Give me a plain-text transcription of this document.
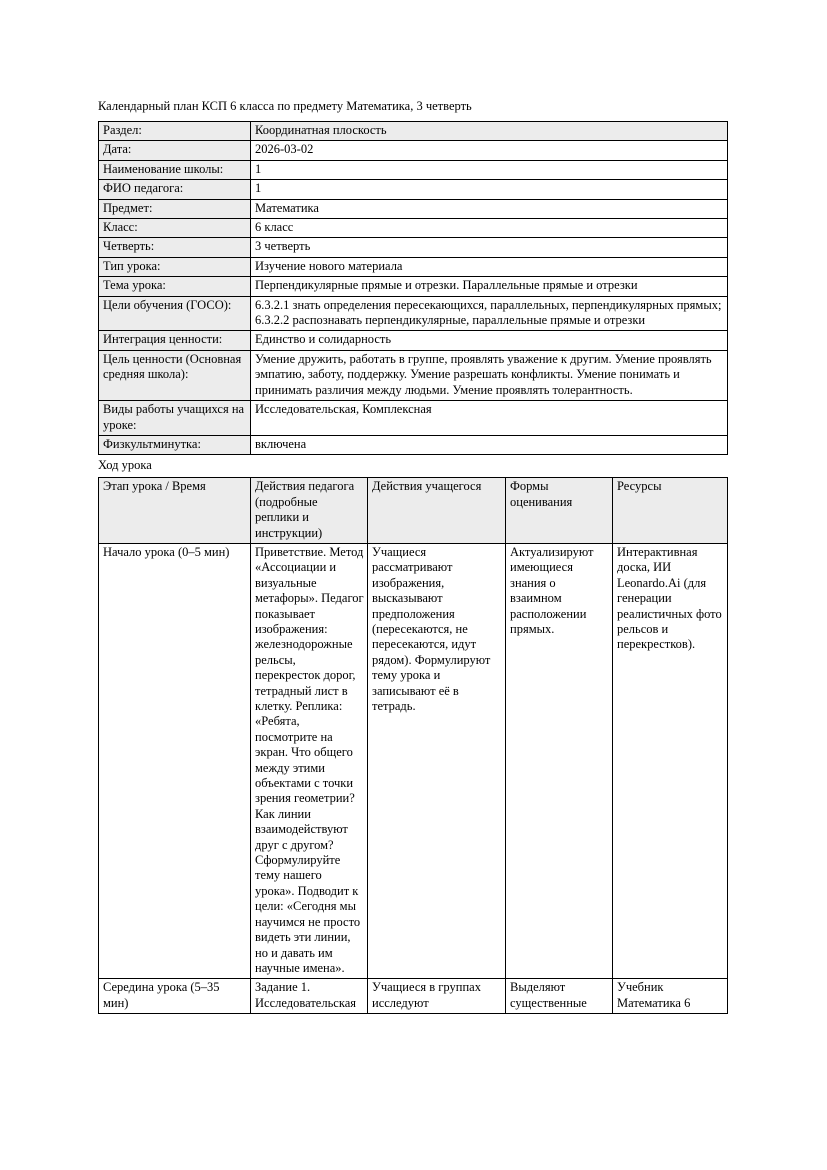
Календарный план КСП 6 класса по предмету Математика, 3 четверть

Раздел:	Координатная плоскость
Дата:	2026-03-02
Наименование школы:	1
ФИО педагога:	1
Предмет:	Математика
Класс:	6 класс
Четверть:	3 четверть
Тип урока:	Изучение нового материала
Тема урока:	Перпендикулярные прямые и отрезки. Параллельные прямые и отрезки
Цели обучения (ГОСО):	6.3.2.1 знать определения пересекающихся, параллельных, перпендикулярных прямых; 6.3.2.2 распознавать перпендикулярные, параллельные прямые и отрезки
Интеграция ценности:	Единство и солидарность
Цель ценности (Основная средняя школа):	Умение дружить, работать в группе, проявлять уважение к другим. Умение проявлять эмпатию, заботу, поддержку. Умение разрешать конфликты. Умение понимать и принимать различия между людьми. Умение проявлять толерантность.
Виды работы учащихся на уроке:	Исследовательская, Комплексная
Физкультминутка:	включена

Ход урока

Этап урока / Время	Действия педагога (подробные реплики и инструкции)	Действия учащегося	Формы оценивания	Ресурсы
Начало урока (0–5 мин)	Приветствие. Метод «Ассоциации и визуальные метафоры». Педагог показывает изображения: железнодорожные рельсы, перекресток дорог, тетрадный лист в клетку. Реплика: «Ребята, посмотрите на экран. Что общего между этими объектами с точки зрения геометрии? Как линии взаимодействуют друг с другом? Сформулируйте тему нашего урока». Подводит к цели: «Сегодня мы научимся не просто видеть эти линии, но и давать им научные имена».	Учащиеся рассматривают изображения, высказывают предположения (пересекаются, не пересекаются, идут рядом). Формулируют тему урока и записывают её в тетрадь.	Актуализируют имеющиеся знания о взаимном расположении прямых.	Интерактивная доска, ИИ Leonardo.Ai (для генерации реалистичных фото рельсов и перекрестков).
Середина урока (5–35 мин)	Задание 1. Исследовательская	Учащиеся в группах исследуют	Выделяют существенные	Учебник Математика 6
